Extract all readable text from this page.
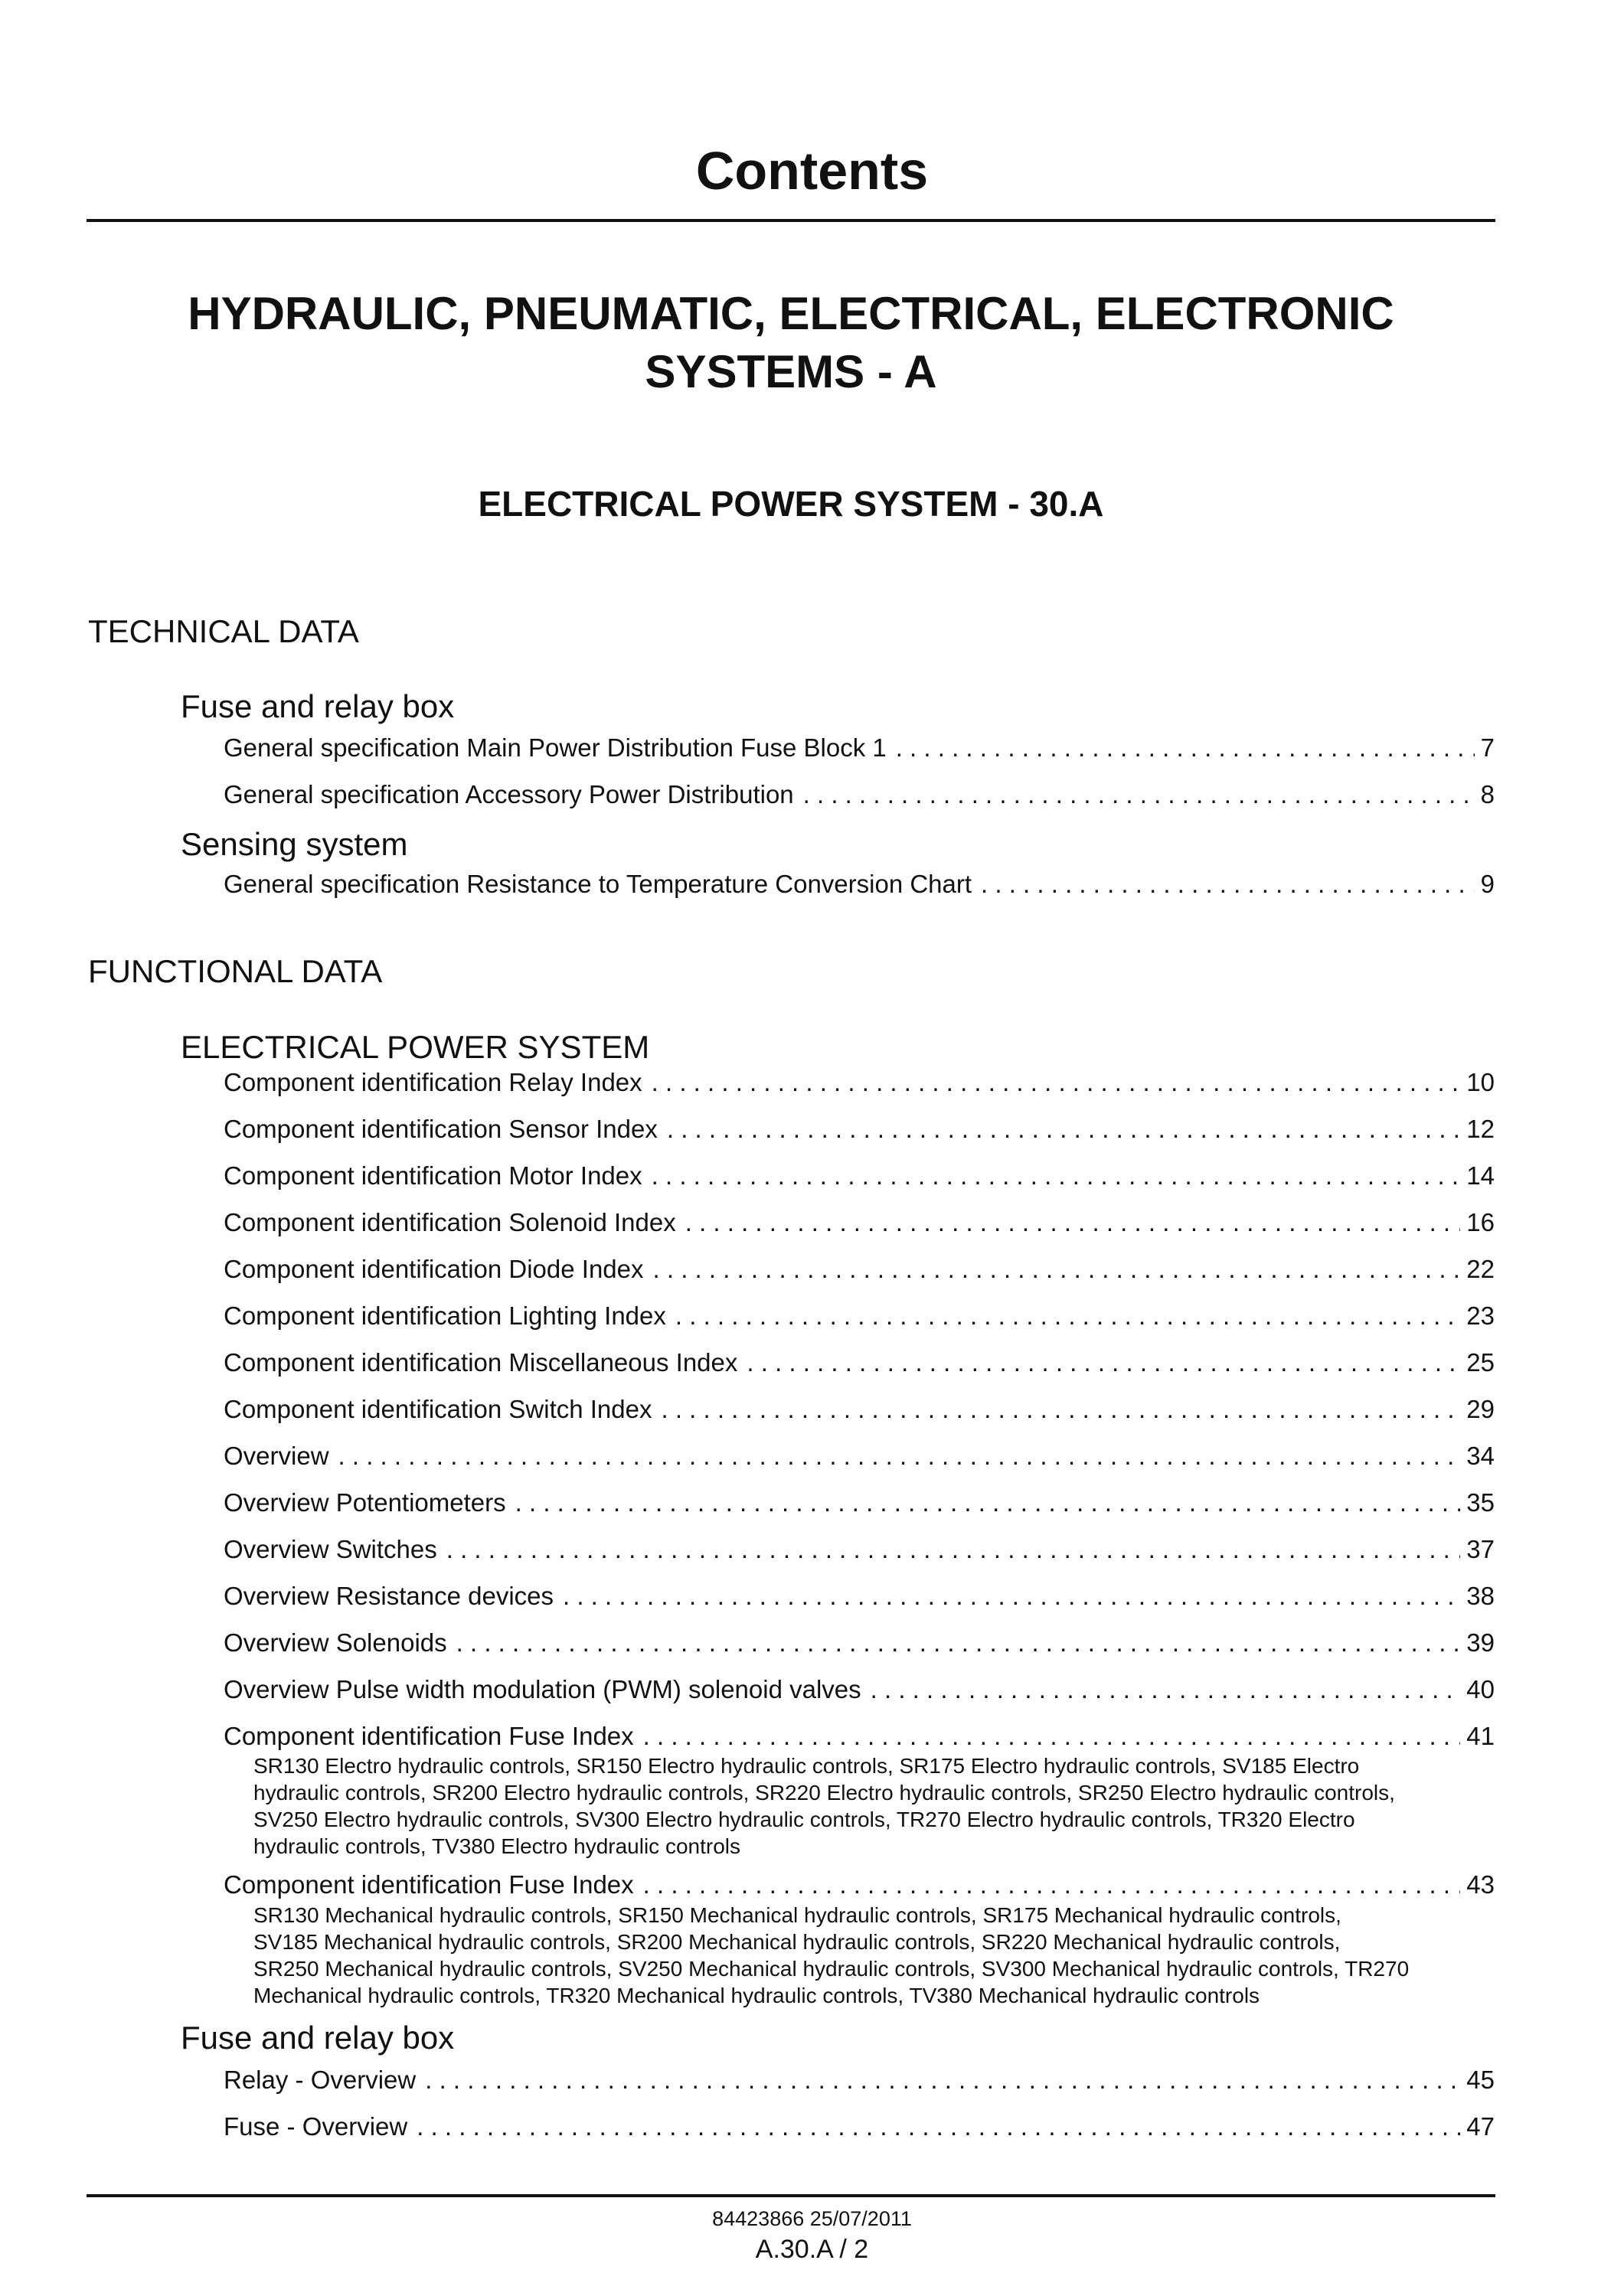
Contents
HYDRAULIC, PNEUMATIC, ELECTRICAL, ELECTRONIC
SYSTEMS - A
ELECTRICAL POWER SYSTEM - 30.A
TECHNICAL DATA
Fuse and relay box
General specification Main Power Distribution Fuse Block 1 . . .	7
General specification Accessory Power Distribution . . .	8
Sensing system
General specification Resistance to Temperature Conversion Chart . . .	9
FUNCTIONAL DATA
ELECTRICAL POWER SYSTEM
Component identification Relay Index . . .	10
Component identification Sensor Index . . .	12
Component identification Motor Index . . .	14
Component identification Solenoid Index . . .	16
Component identification Diode Index . . .	22
Component identification Lighting Index . . .	23
Component identification Miscellaneous Index . . .	25
Component identification Switch Index . . .	29
Overview . . .	34
Overview Potentiometers . . .	35
Overview Switches . . .	37
Overview Resistance devices . . .	38
Overview Solenoids . . .	39
Overview Pulse width modulation (PWM) solenoid valves . . .	40
Component identification Fuse Index . . .	41
SR130 Electro hydraulic controls, SR150 Electro hydraulic controls, SR175 Electro hydraulic controls, SV185 Electro
hydraulic controls, SR200 Electro hydraulic controls, SR220 Electro hydraulic controls, SR250 Electro hydraulic controls,
SV250 Electro hydraulic controls, SV300 Electro hydraulic controls, TR270 Electro hydraulic controls, TR320 Electro
hydraulic controls, TV380 Electro hydraulic controls
Component identification Fuse Index . . .	43
SR130 Mechanical hydraulic controls, SR150 Mechanical hydraulic controls, SR175 Mechanical hydraulic controls,
SV185 Mechanical hydraulic controls, SR200 Mechanical hydraulic controls, SR220 Mechanical hydraulic controls,
SR250 Mechanical hydraulic controls, SV250 Mechanical hydraulic controls, SV300 Mechanical hydraulic controls, TR270
Mechanical hydraulic controls, TR320 Mechanical hydraulic controls, TV380 Mechanical hydraulic controls
Fuse and relay box
Relay - Overview . . .	45
Fuse - Overview . . .	47
84423866 25/07/2011
A.30.A / 2
